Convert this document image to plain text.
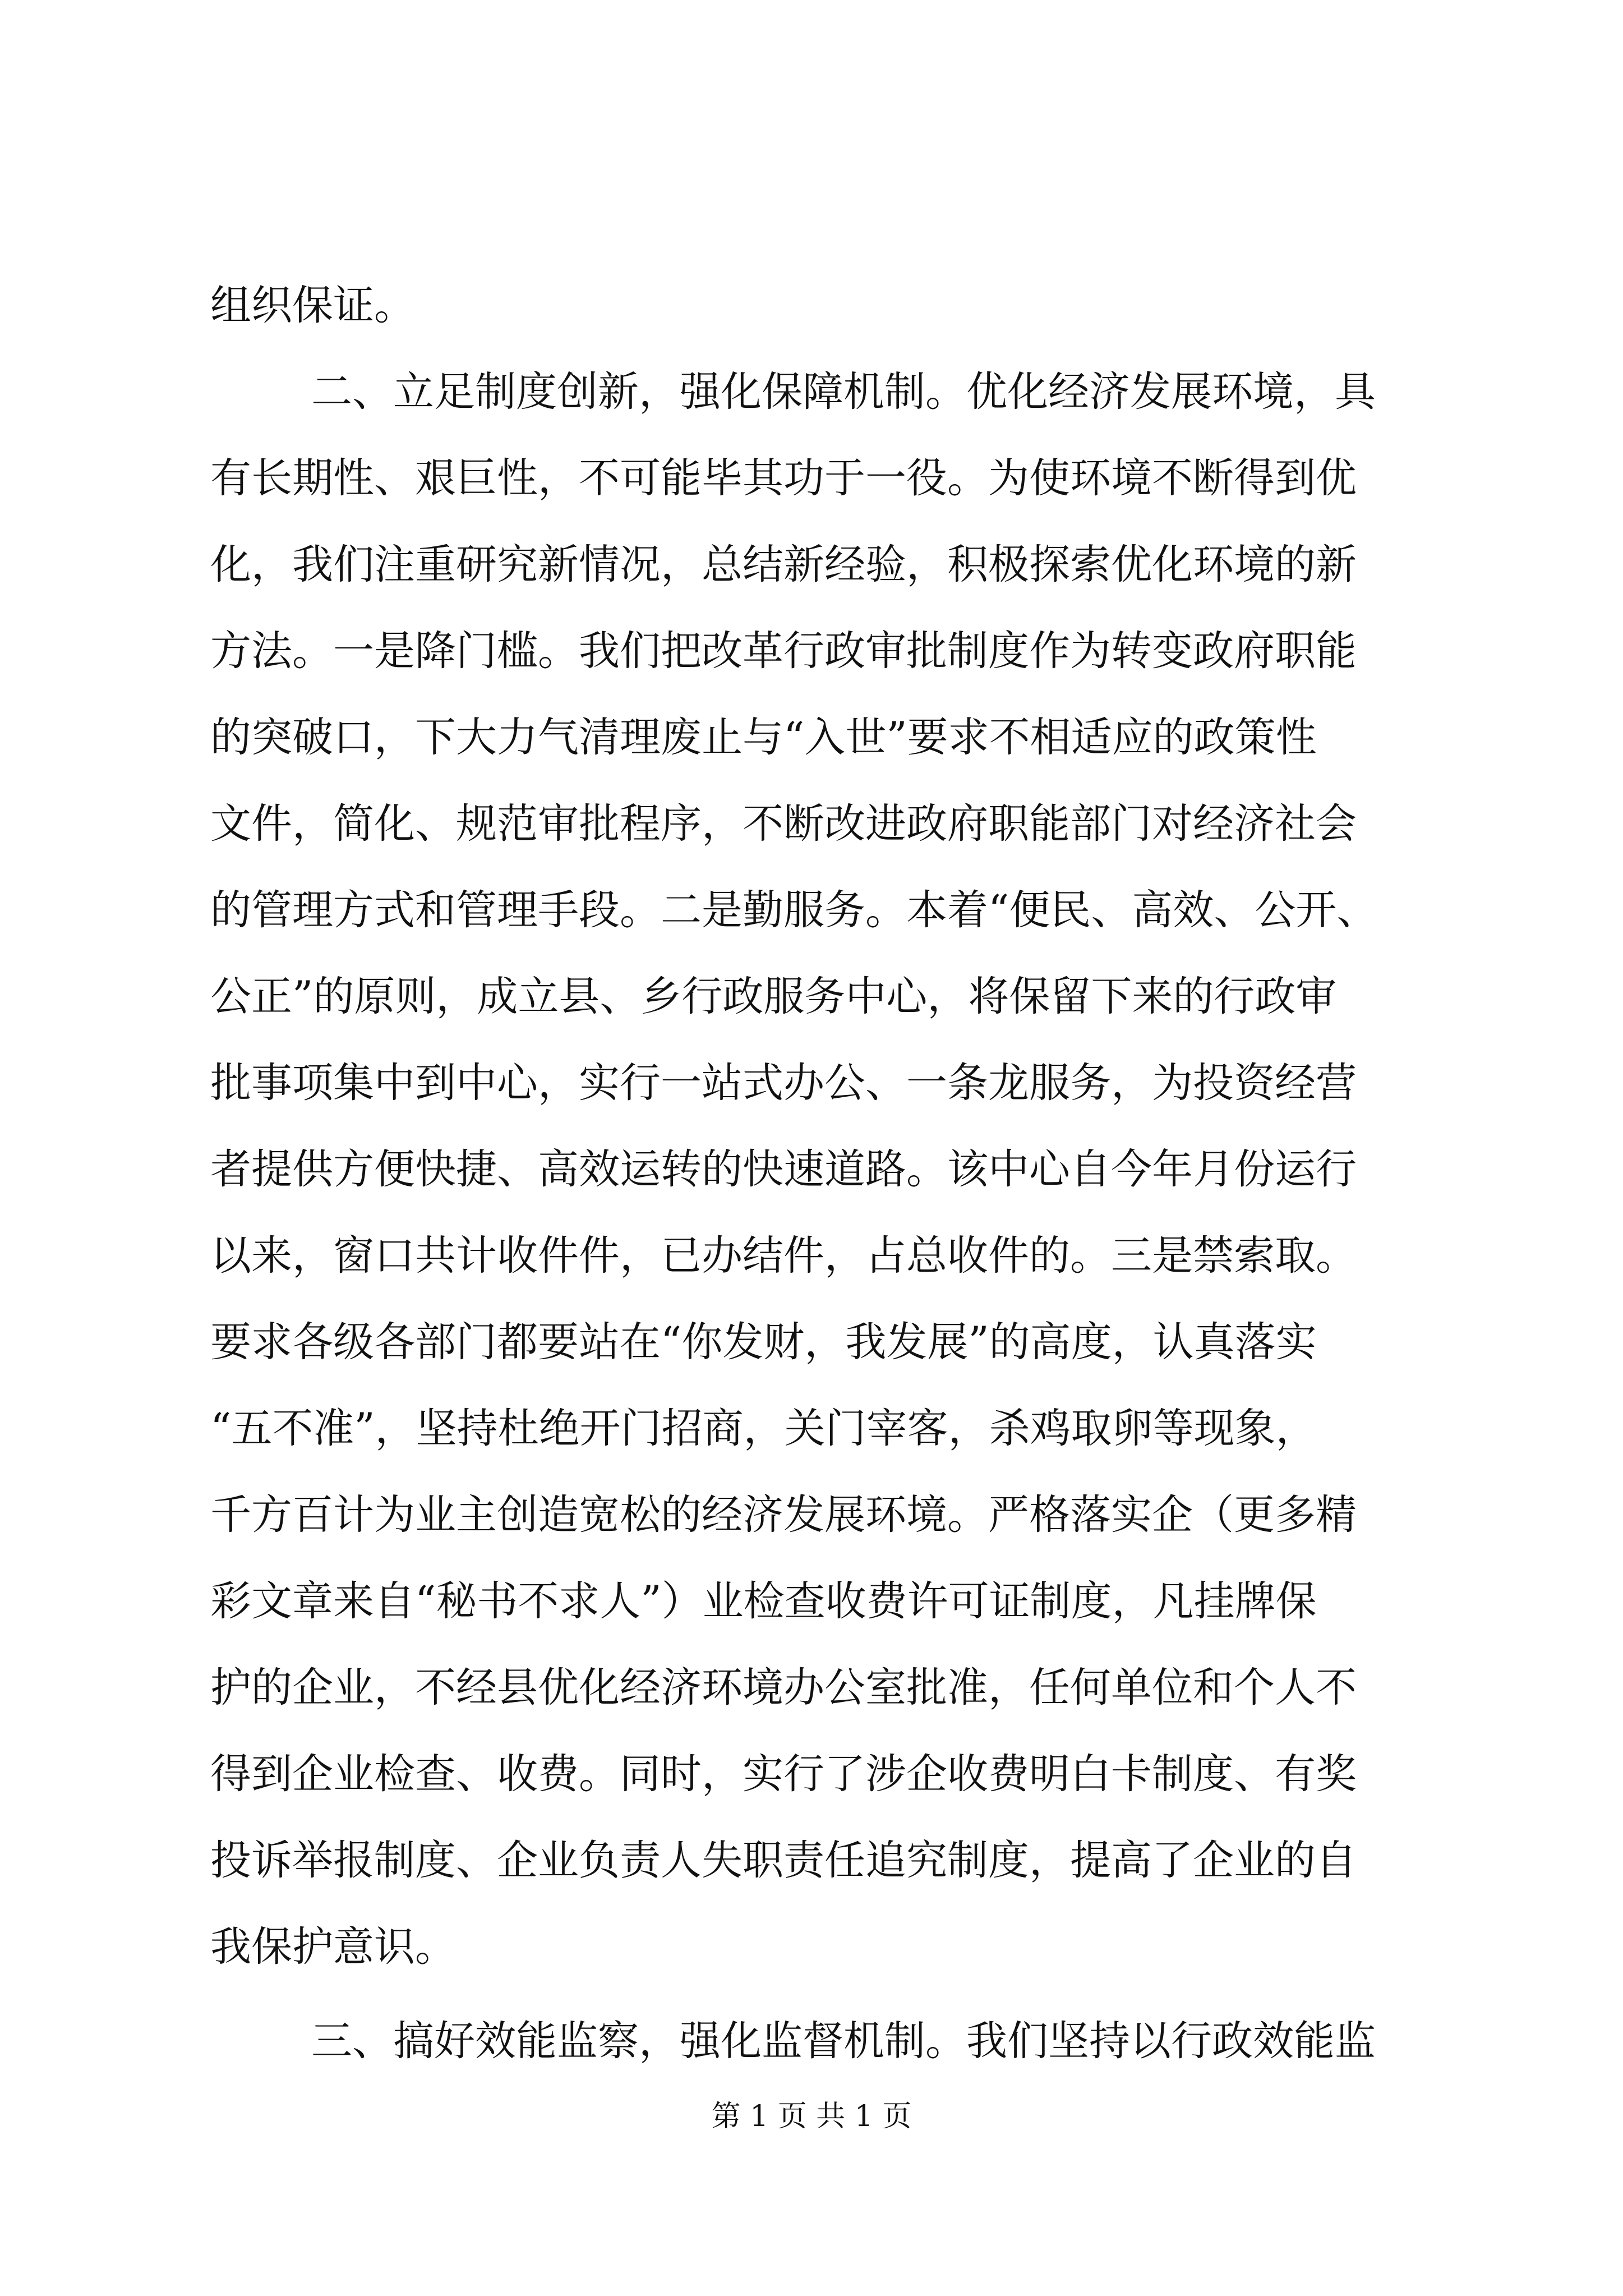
组织保证。
二、立足制度创新，强化保障机制。优化经济发展环境，具
有长期性、艰巨性，不可能毕其功于一役。为使环境不断得到优
化，我们注重研究新情况，总结新经验，积极探索优化环境的新
方法。一是降门槛。我们把改革行政审批制度作为转变政府职能
的突破口，下大力气清理废止与“入世”要求不相适应的政策性
文件，简化、规范审批程序，不断改进政府职能部门对经济社会
的管理方式和管理手段。二是勤服务。本着“便民、高效、公开、
公正”的原则，成立县、乡行政服务中心，将保留下来的行政审
批事项集中到中心，实行一站式办公、一条龙服务，为投资经营
者提供方便快捷、高效运转的快速道路。该中心自今年月份运行
以来，窗口共计收件件，已办结件，占总收件的。三是禁索取。
要求各级各部门都要站在“你发财，我发展”的高度，认真落实
“五不准”，坚持杜绝开门招商，关门宰客，杀鸡取卵等现象，
千方百计为业主创造宽松的经济发展环境。严格落实企（更多精
彩文章来自“秘书不求人”）业检查收费许可证制度，凡挂牌保
护的企业，不经县优化经济环境办公室批准，任何单位和个人不
得到企业检查、收费。同时，实行了涉企收费明白卡制度、有奖
投诉举报制度、企业负责人失职责任追究制度，提高了企业的自
我保护意识。
三、搞好效能监察，强化监督机制。我们坚持以行政效能监
第 1 页 共 1 页
